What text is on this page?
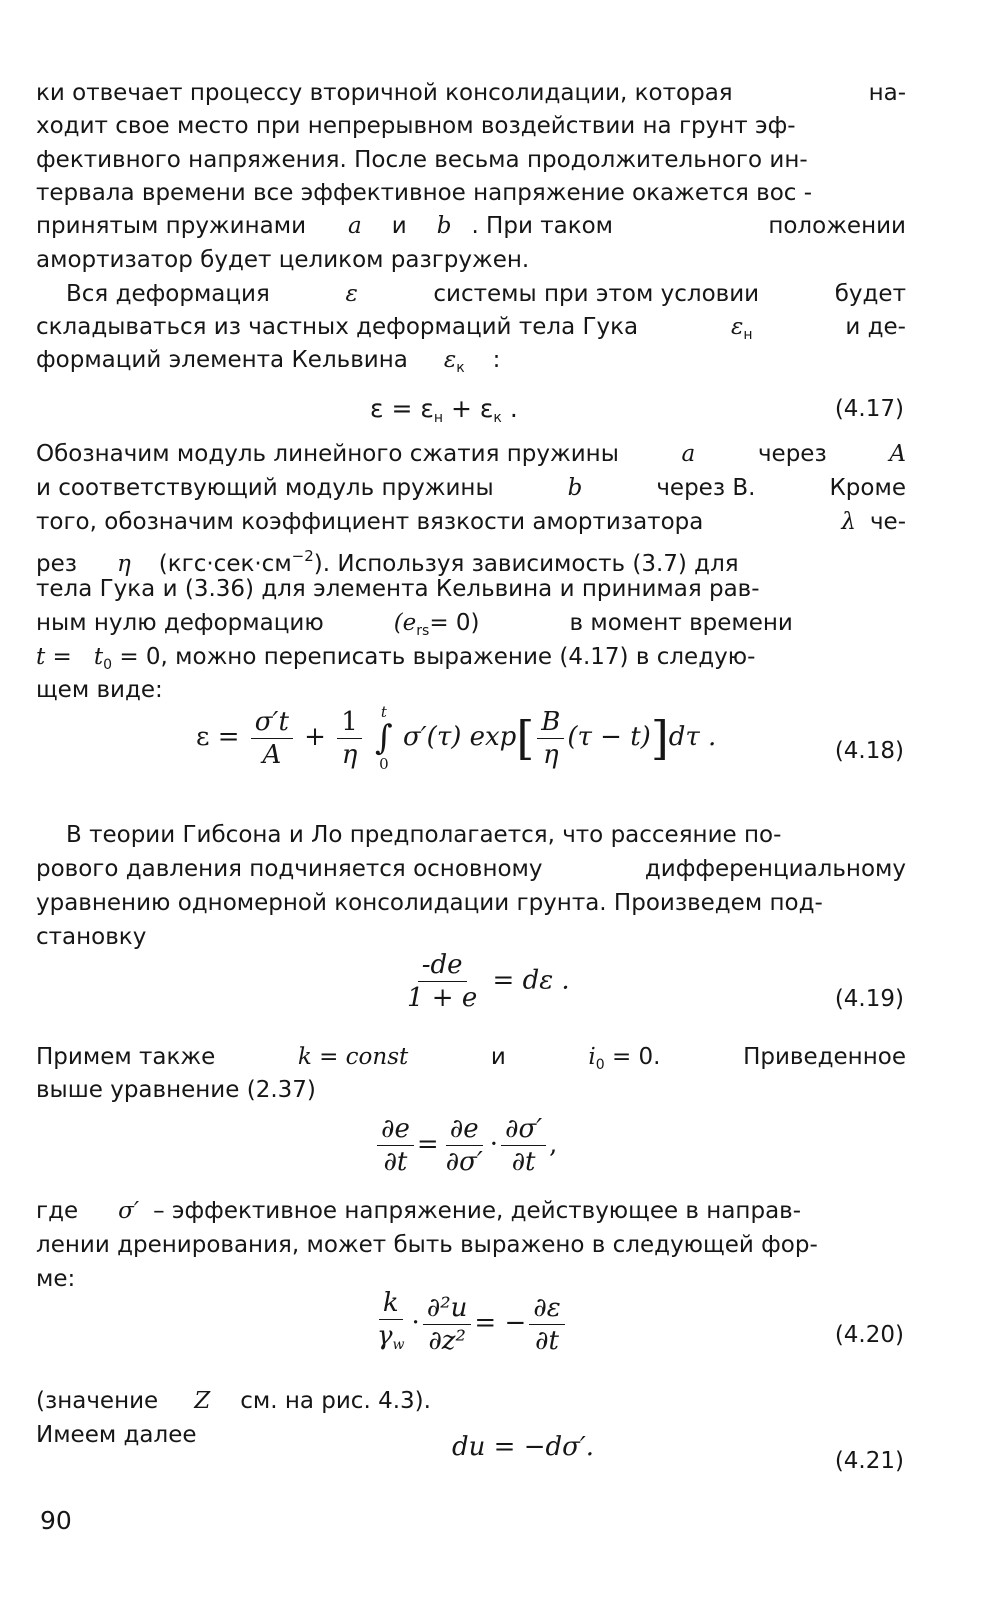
ки отвечает процессу вторичной консолидации, которая	на-
ходит свое место при непрерывном воздействии на грунт эф-
фективного напряжения. После весьма продолжительного ин-
тервала времени все эффективное напряжение окажется вос -
принятым пружинами a и b . При таком	положении
амортизатор будет целиком разгружен.
Вся деформация	ε	системы при этом условии	будет
складываться из частных деформаций тела Гука	$\varepsilon_н$	и де-
формаций элемента Кельвина $\varepsilon_к$ :
$\varepsilon = \varepsilon_н + \varepsilon_к$ .	(4.17)
Обозначим модуль линейного сжатия пружины	a	через	A
и соответствующий модуль пружины	b	через B.	Кроме
того, обозначим коэффициент вязкости амортизатора	λ че-
рез η $(кгс\cdot сек\cdot см^{-2})$. Используя зависимость (3.7) для
тела Гука и (3.36) для элемента Кельвина и принимая рав-
ным нулю деформацию	$(e_{rs}= 0)$	в момент времени
$t = t_0 = 0$, можно переписать выражение (4.17) в следую-
щем виде:
$\varepsilon = \frac{\sigma't}{A} + \frac{1}{\eta}$
t
∫
0
σ′(τ) $\exp[ \frac{B}{\eta} (\tau - t)]d\tau$ .	(4.18)
В теории Гибсона и Ло предполагается, что рассеяние по-
рового давления подчиняется основному	дифференциальному
уравнению одномерной консолидации грунта. Произведем под-
становку
$\frac{-de}{1 + e} = d\varepsilon$ .
(4.19)
Примем также	k = const	и	$i_0 = 0$.	Приведенное
выше уравнение (2.37)
$\frac{\partial e}{\partial t} = \frac{\partial e}{\partial\sigma'} \cdot \frac{\partial\sigma'}{\partial t}$ ,
где σ′ – эффективное напряжение, действующее в направ-
лении дренирования, может быть выражено в следующей фор-
ме:
$\frac{k}{\gamma_w} \cdot \frac{\text{∂²u}}{\text{∂z²}}$ = − $\frac{\partial\varepsilon}{\partial t}$	(4.20)
(значение Z см. на рис. 4.3).
Имеем далее	du = −dσ′.	(4.21)
90
